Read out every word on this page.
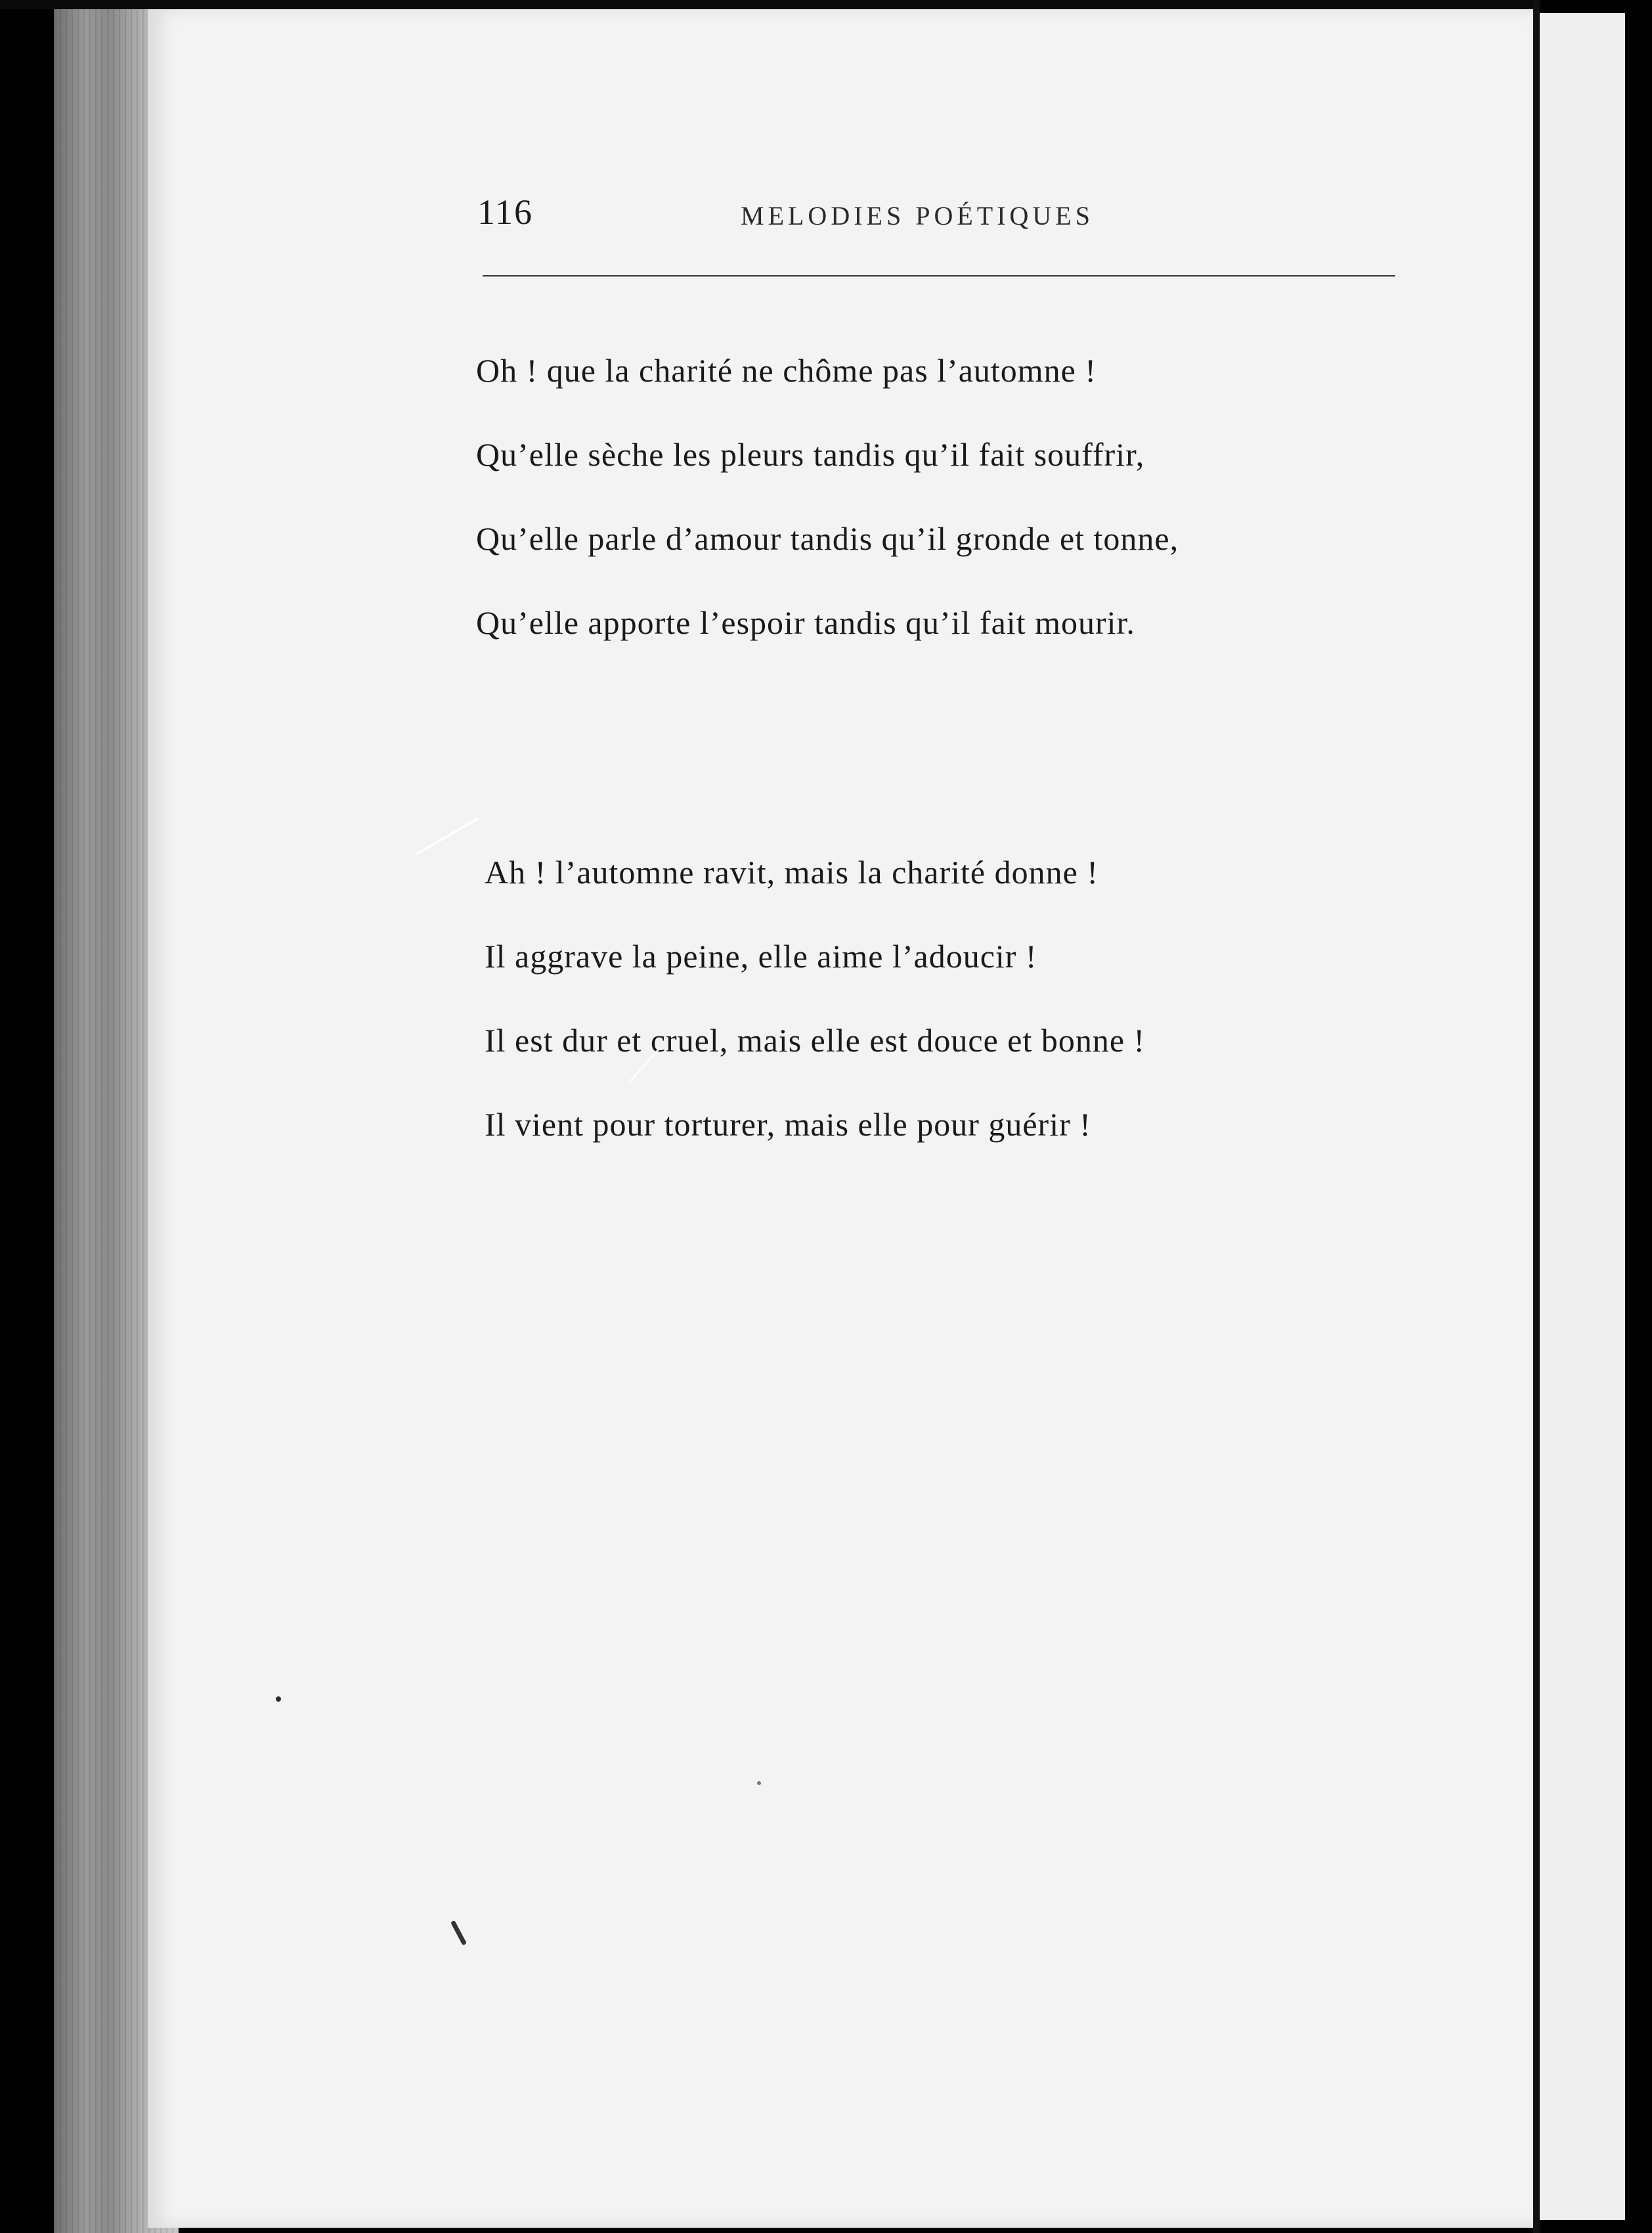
116	MELODIES POÉTIQUES
Oh ! que la charité ne chôme pas l’automne !
Qu’elle sèche les pleurs tandis qu’il fait souffrir,
Qu’elle parle d’amour tandis qu’il gronde et tonne,
Qu’elle apporte l’espoir tandis qu’il fait mourir.
Ah ! l’automne ravit, mais la charité donne !
Il aggrave la peine, elle aime l’adoucir !
Il est dur et cruel, mais elle est douce et bonne !
Il vient pour torturer, mais elle pour guérir !
